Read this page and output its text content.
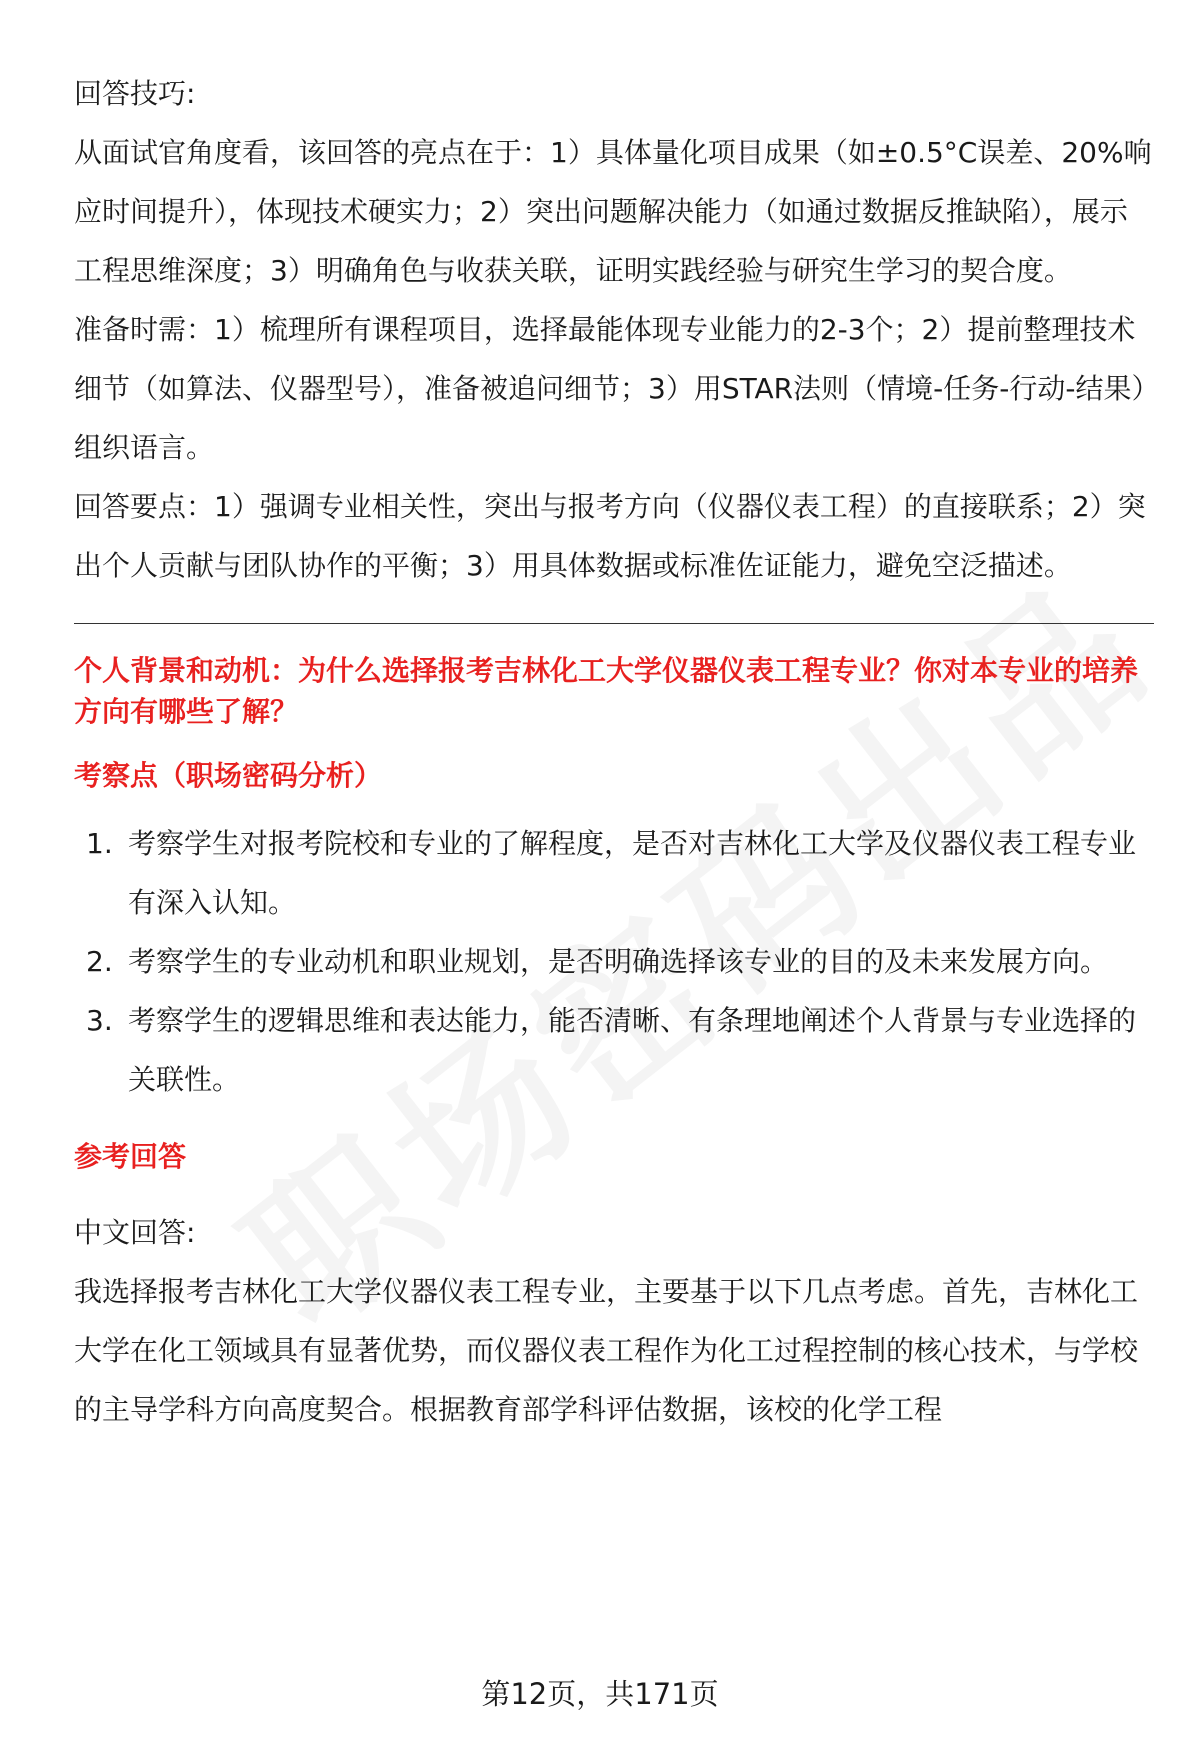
回答技巧:

从面试官角度看，该回答的亮点在于：1）具体量化项目成果（如±0.5°C误差、20%响应时间提升），体现技术硬实力；2）突出问题解决能力（如通过数据反推缺陷），展示工程思维深度；3）明确角色与收获关联，证明实践经验与研究生学习的契合度。

准备时需：1）梳理所有课程项目，选择最能体现专业能力的2-3个；2）提前整理技术细节（如算法、仪器型号），准备被追问细节；3）用STAR法则（情境-任务-行动-结果）组织语言。

回答要点：1）强调专业相关性，突出与报考方向（仪器仪表工程）的直接联系；2）突出个人贡献与团队协作的平衡；3）用具体数据或标准佐证能力，避免空泛描述。

个人背景和动机：为什么选择报考吉林化工大学仪器仪表工程专业？你对本专业的培养方向有哪些了解？

考察点（职场密码分析）

1. 考察学生对报考院校和专业的了解程度，是否对吉林化工大学及仪器仪表工程专业有深入认知。
2. 考察学生的专业动机和职业规划，是否明确选择该专业的目的及未来发展方向。
3. 考察学生的逻辑思维和表达能力，能否清晰、有条理地阐述个人背景与专业选择的关联性。

参考回答

中文回答:

我选择报考吉林化工大学仪器仪表工程专业，主要基于以下几点考虑。首先，吉林化工大学在化工领域具有显著优势，而仪器仪表工程作为化工过程控制的核心技术，与学校的主导学科方向高度契合。根据教育部学科评估数据，该校的化学工程

第12页，共171页
